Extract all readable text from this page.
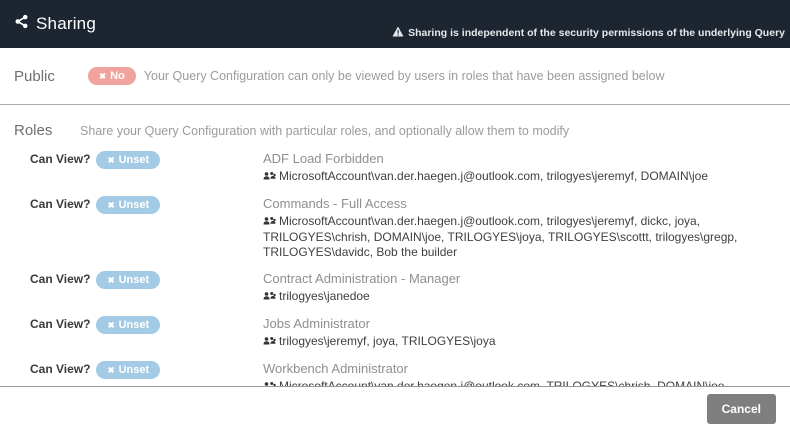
Sharing	Sharing is independent of the security permissions of the underlying Query
Public	✖ No Your Query Configuration can only be viewed by users in roles that have been assigned below
Roles	Share your Query Configuration with particular roles, and optionally allow them to modify
Can View? ✖ Unset	ADF Load Forbidden
MicrosoftAccount\van.der.haegen.j@outlook.com, trilogyes\jeremyf, DOMAIN\joe
Can View? ✖ Unset	Commands - Full Access
MicrosoftAccount\van.der.haegen.j@outlook.com, trilogyes\jeremyf, dickc, joya, TRILOGYES\chrish, DOMAIN\joe, TRILOGYES\joya, TRILOGYES\scottt, trilogyes\gregp, TRILOGYES\davidc, Bob the builder
Can View? ✖ Unset	Contract Administration - Manager
trilogyes\janedoe
Can View? ✖ Unset	Jobs Administrator
trilogyes\jeremyf, joya, TRILOGYES\joya
Can View? ✖ Unset	Workbench Administrator
Cancel
